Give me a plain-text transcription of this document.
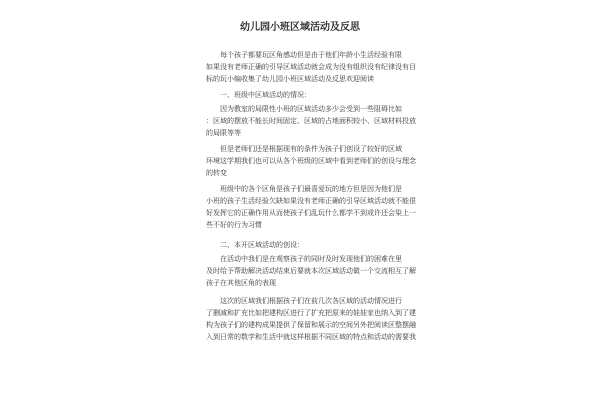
幼儿园小班区域活动及反思
每个孩子都要玩区角感动但是由于他们年龄小生活经验有限
如果没有老师正确的引导区域活动就会成为没有组织没有纪律没有目
标的玩小编收集了幼儿园小班区域活动及反思欢迎阅读
一、班级中区域活动的情况：
因为教室的局限性小班的区域活动多少会受到一些阻碍比如
：区域的摆放不能长时间固定、区域的占地面积较小、区域材料投放
的局限等等
但是老师们还是根据现有的条件为孩子们创设了较好的区域
环境这学期我们也可以从各个班级的区域中看到老师们的创设与理念
的转变
班级中的各个区角是孩子们最喜爱玩的地方但是因为他们是
小班的孩子生活经验欠缺如果没有老师正确的引导区域活动就不能很
好发挥它的正确作用从而使孩子们乱玩什么都学不到或许还会染上一
些不好的行为习惯
二、本开区域活动的创设：
在活动中我们是在观察孩子的同时及时发现他们的困难在里
及时给予帮助解决活动结束后要就本次区域活动做一个交流相互了解
孩子在其他区角的表现
这次的区域我们根据孩子们在前几次各区域的活动情况进行
了删减和扩充比如把建构区进行了扩充把原来的娃娃家也纳入到了建
构为孩子们的建构成果提供了保留和展示的空间另外把阅读区整摆融
入到日常的数学和生活中就这样根据不同区域的特点和活动的需要我
